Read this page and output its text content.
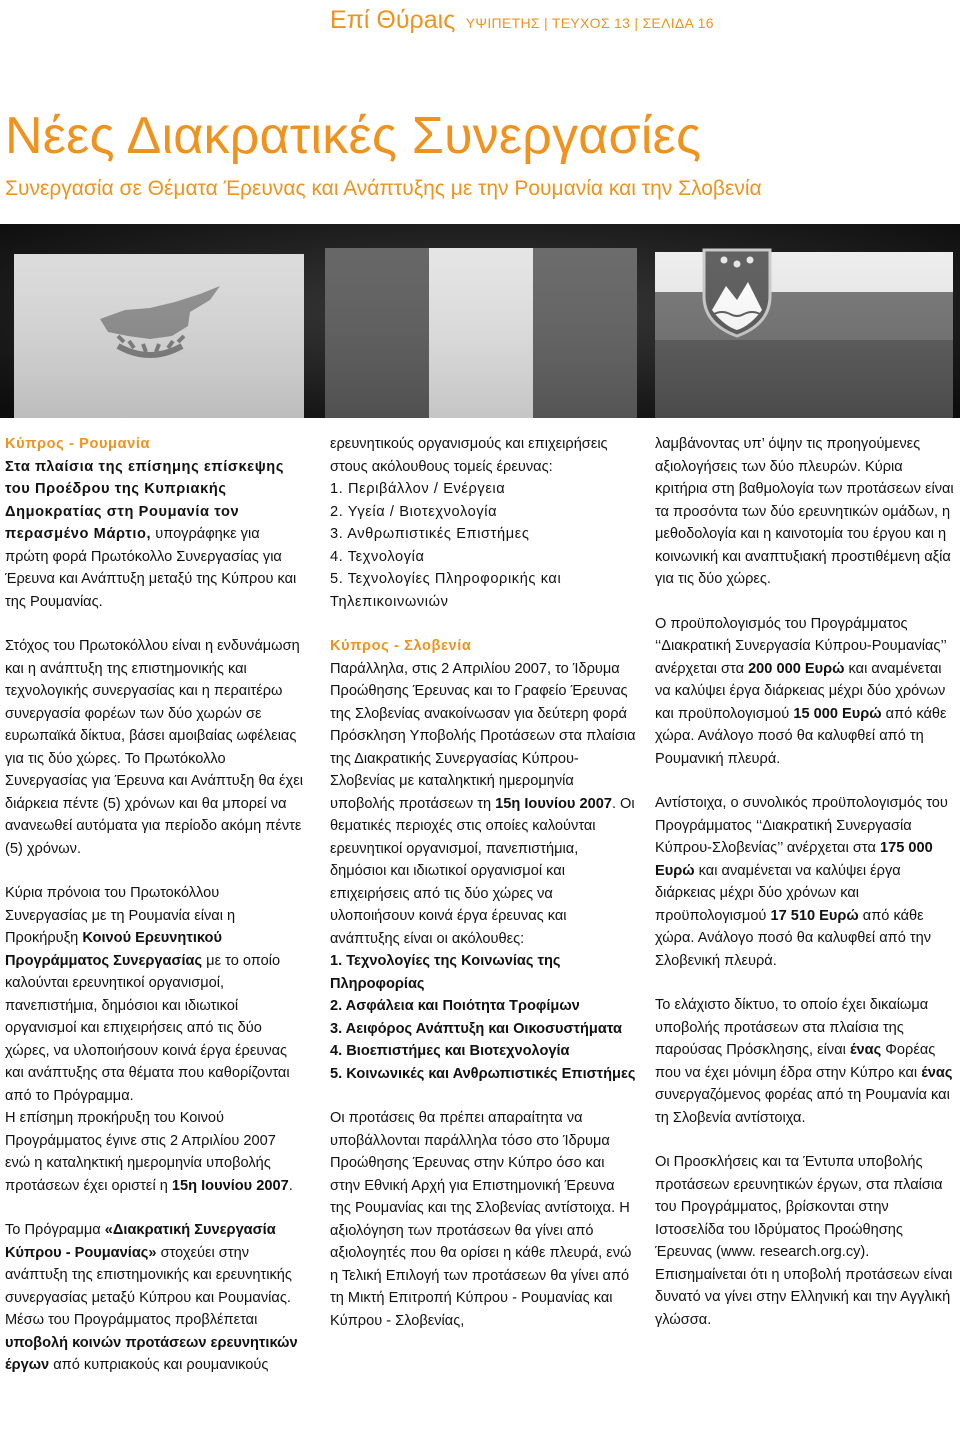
Επί Θύρaις ΥΨΙΠΕΤΗΣ | ΤΕΥΧΟΣ 13 | ΣΕΛΙΔΑ 16
Νέες Διακρατικές Συνεργασίες
Συνεργασία σε Θέματα Έρευνας και Ανάπτυξης με την Ρουμανία και την Σλοβενία
Κύπρος - Ρουμανία

Στα πλαίσια της επίσημης επίσκεψης του Προέδρου της Κυπριακής Δημοκρατίας στη Ρουμανία τον περασμένο Μάρτιο, υπογράφηκε για πρώτη φορά Πρωτόκολλο Συνεργασίας για Έρευνα και Ανάπτυξη μεταξύ της Κύπρου και της Ρουμανίας.

Στόχος του Πρωτοκόλλου είναι η ενδυνάμωση και η ανάπτυξη της επιστημονικής και τεχνολογικής συνεργασίας και η περαιτέρω συνεργασία φορέων των δύο χωρών σε ευρωπαϊκά δίκτυα, βάσει αμοιβαίας ωφέλειας για τις δύο χώρες. Το Πρωτόκολλο Συνεργασίας για Έρευνα και Ανάπτυξη θα έχει διάρκεια πέντε (5) χρόνων και θα μπορεί να ανανεωθεί αυτόματα για περίοδο ακόμη πέντε (5) χρόνων.

Κύρια πρόνοια του Πρωτοκόλλου Συνεργασίας με τη Ρουμανία είναι η Προκήρυξη Κοινού Ερευνητικού Προγράμματος Συνεργασίας με το οποίο καλούνται ερευνητικοί οργανισμοί, πανεπιστήμια, δημόσιοι και ιδιωτικοί οργανισμοί και επιχειρήσεις από τις δύο χώρες, να υλοποιήσουν κοινά έργα έρευνας και ανάπτυξης στα θέματα που καθορίζονται από το Πρόγραμμα.

Η επίσημη προκήρυξη του Κοινού Προγράμματος έγινε στις 2 Απριλίου 2007 ενώ η καταληκτική ημερομηνία υποβολής προτάσεων έχει οριστεί η 15η Ιουνίου 2007.

Το Πρόγραμμα «Διακρατική Συνεργασία Κύπρου - Ρουμανίας» στοχεύει στην ανάπτυξη της επιστημονικής και ερευνητικής συνεργασίας μεταξύ Κύπρου και Ρουμανίας. Μέσω του Προγράμματος προβλέπεται υποβολή κοινών προτάσεων ερευνητικών έργων από κυπριακούς και ρουμανικούς

ερευνητικούς οργανισμούς και επιχειρήσεις στους ακόλουθους τομείς έρευνας:
1. Περιβάλλον / Ενέργεια
2. Υγεία / Βιοτεχνολογία
3. Ανθρωπιστικές Επιστήμες
4. Τεχνολογία
5. Τεχνολογίες Πληροφορικής και Τηλεπικοινωνιών
Κύπρος - Σλοβενία
Παράλληλα, στις 2 Απριλίου 2007, το Ίδρυμα Προώθησης Έρευνας και το Γραφείο Έρευνας της Σλοβενίας ανακοίνωσαν για δεύτερη φορά Πρόσκληση Υποβολής Προτάσεων στα πλαίσια της Διακρατικής Συνεργασίας Κύπρου-Σλοβενίας με καταληκτική ημερομηνία υποβολής προτάσεων τη 15η Ιουνίου 2007. Οι θεματικές περιοχές στις οποίες καλούνται ερευνητικοί οργανισμοί, πανεπιστήμια, δημόσιοι και ιδιωτικοί οργανισμοί και επιχειρήσεις από τις δύο χώρες να υλοποιήσουν κοινά έργα έρευνας και ανάπτυξης είναι οι ακόλουθες:
1. Τεχνολογίες της Κοινωνίας της Πληροφορίας
2. Ασφάλεια και Ποιότητα Τροφίμων
3. Αειφόρος Ανάπτυξη και Οικοσυστήματα
4. Βιοεπιστήμες και Βιοτεχνολογία
5. Κοινωνικές και Ανθρωπιστικές Επιστήμες

Οι προτάσεις θα πρέπει απαραίτητα να υποβάλλονται παράλληλα τόσο στο Ίδρυμα Προώθησης Έρευνας στην Κύπρο όσο και στην Εθνική Αρχή για Επιστημονική Έρευνα της Ρουμανίας και της Σλοβενίας αντίστοιχα. Η αξιολόγηση των προτάσεων θα γίνει από αξιολογητές που θα ορίσει η κάθε πλευρά, ενώ η Τελική Επιλογή των προτάσεων θα γίνει από τη Μικτή Επιτροπή Κύπρου - Ρουμανίας και Κύπρου - Σλοβενίας,

λαμβάνοντας υπ’ όψην τις προηγούμενες αξιολογήσεις των δύο πλευρών. Κύρια κριτήρια στη βαθμολογία των προτάσεων είναι τα προσόντα των δύο ερευνητικών ομάδων, η μεθοδολογία και η καινοτομία του έργου και η κοινωνική και αναπτυξιακή προστιθέμενη αξία για τις δύο χώρες.

Ο προϋπολογισμός του Προγράμματος ‘‘Διακρατική Συνεργασία Κύπρου-Ρουμανίας’’ ανέρχεται στα 200 000 Ευρώ και αναμένεται να καλύψει έργα διάρκειας μέχρι δύο χρόνων και προϋπολογισμού 15 000 Ευρώ από κάθε χώρα. Ανάλογο ποσό θα καλυφθεί από τη Ρουμανική πλευρά.

Αντίστοιχα, ο συνολικός προϋπολογισμός του Προγράμματος ‘‘Διακρατική Συνεργασία Κύπρου-Σλοβενίας’’ ανέρχεται στα 175 000 Ευρώ και αναμένεται να καλύψει έργα διάρκειας μέχρι δύο χρόνων και προϋπολογισμού 17 510 Ευρώ από κάθε χώρα. Ανάλογο ποσό θα καλυφθεί από την Σλοβενική πλευρά.

Το ελάχιστο δίκτυο, το οποίο έχει δικαίωμα υποβολής προτάσεων στα πλαίσια της παρούσας Πρόσκλησης, είναι ένας Φορέας που να έχει μόνιμη έδρα στην Κύπρο και ένας συνεργαζόμενος φορέας από τη Ρουμανία και τη Σλοβενία αντίστοιχα.

Οι Προσκλήσεις και τα Έντυπα υποβολής προτάσεων ερευνητικών έργων, στα πλαίσια του Προγράμματος, βρίσκονται στην Ιστοσελίδα του Ιδρύματος Προώθησης Έρευνας (www. research.org.cy). Επισημαίνεται ότι η υποβολή προτάσεων είναι δυνατό να γίνει στην Ελληνική και την Αγγλική γλώσσα.
